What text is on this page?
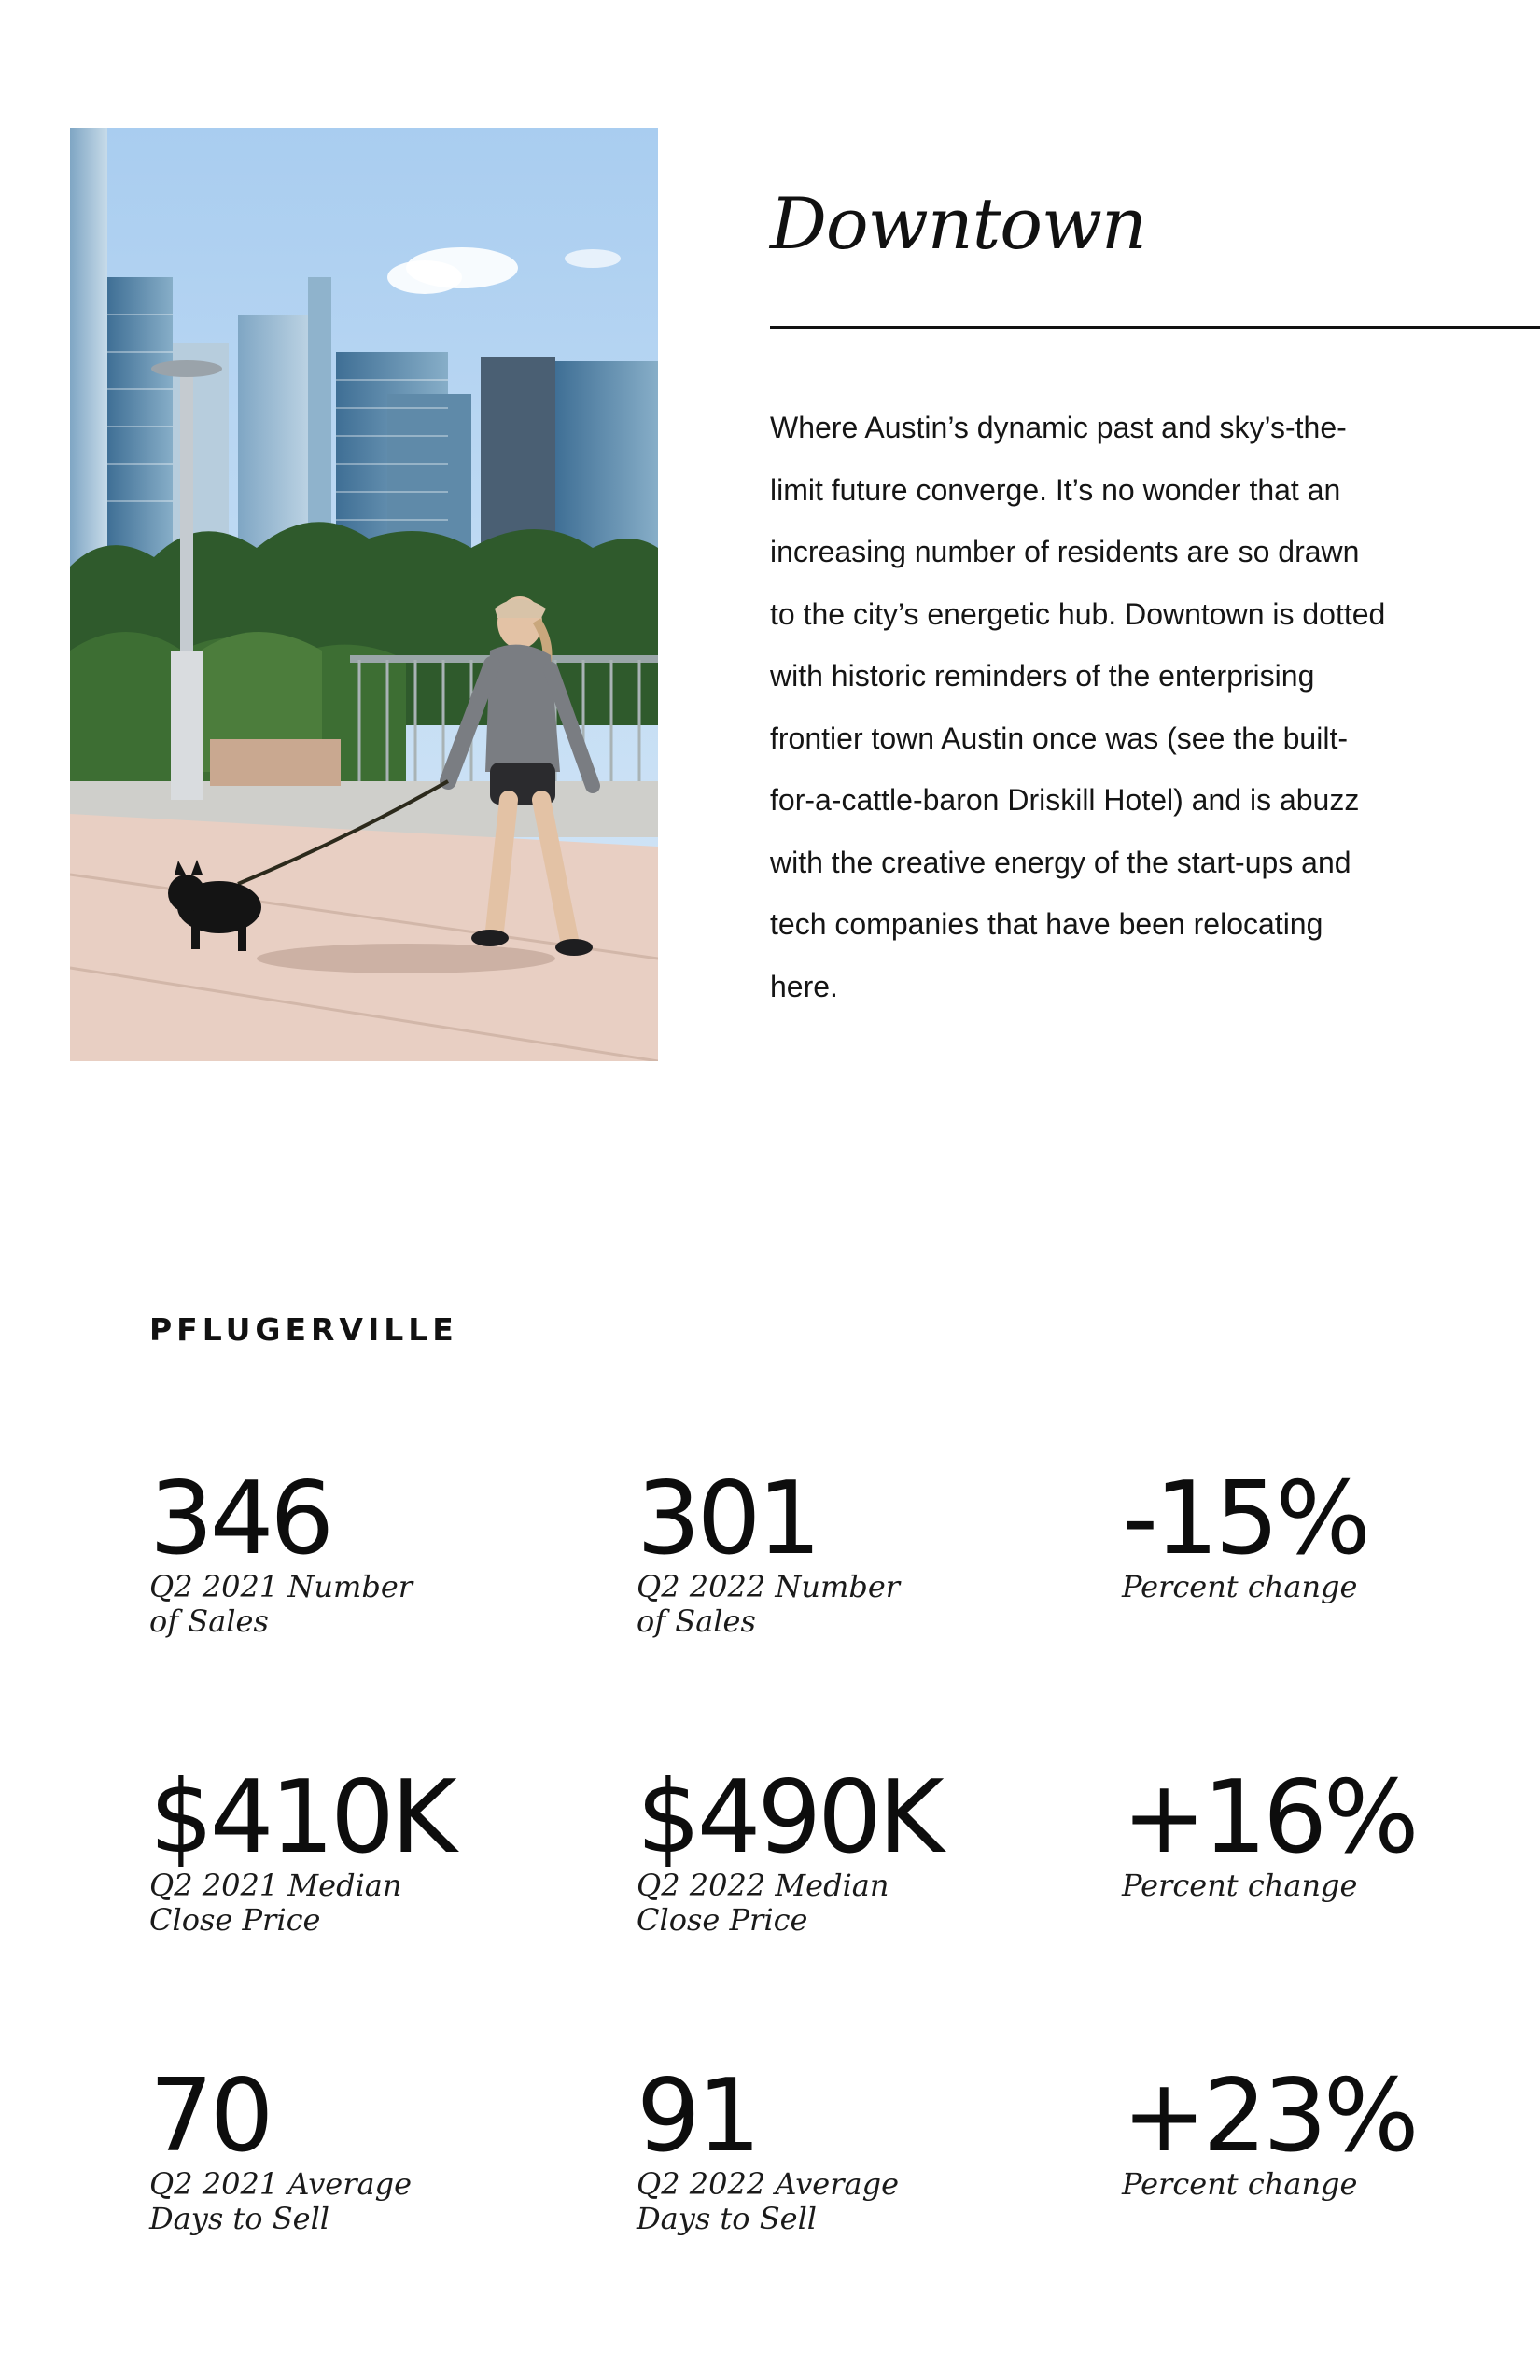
Downtown

Where Austin’s dynamic past and sky’s-the-limit future converge. It’s no wonder that an increasing number of residents are so drawn to the city’s energetic hub. Downtown is dotted with historic reminders of the enterprising frontier town Austin once was (see the built-for-a-cattle-baron Driskill Hotel) and is abuzz with the creative energy of the start-ups and tech companies that have been relocating here.

PFLUGERVILLE
346
Q2 2021 Number of Sales
301
Q2 2022 Number of Sales
-15%
Percent change
$410K
Q2 2021 Median Close Price
$490K
Q2 2022 Median Close Price
+16%
Percent change
70
Q2 2021 Average Days to Sell
91
Q2 2022 Average Days to Sell
+23%
Percent change
